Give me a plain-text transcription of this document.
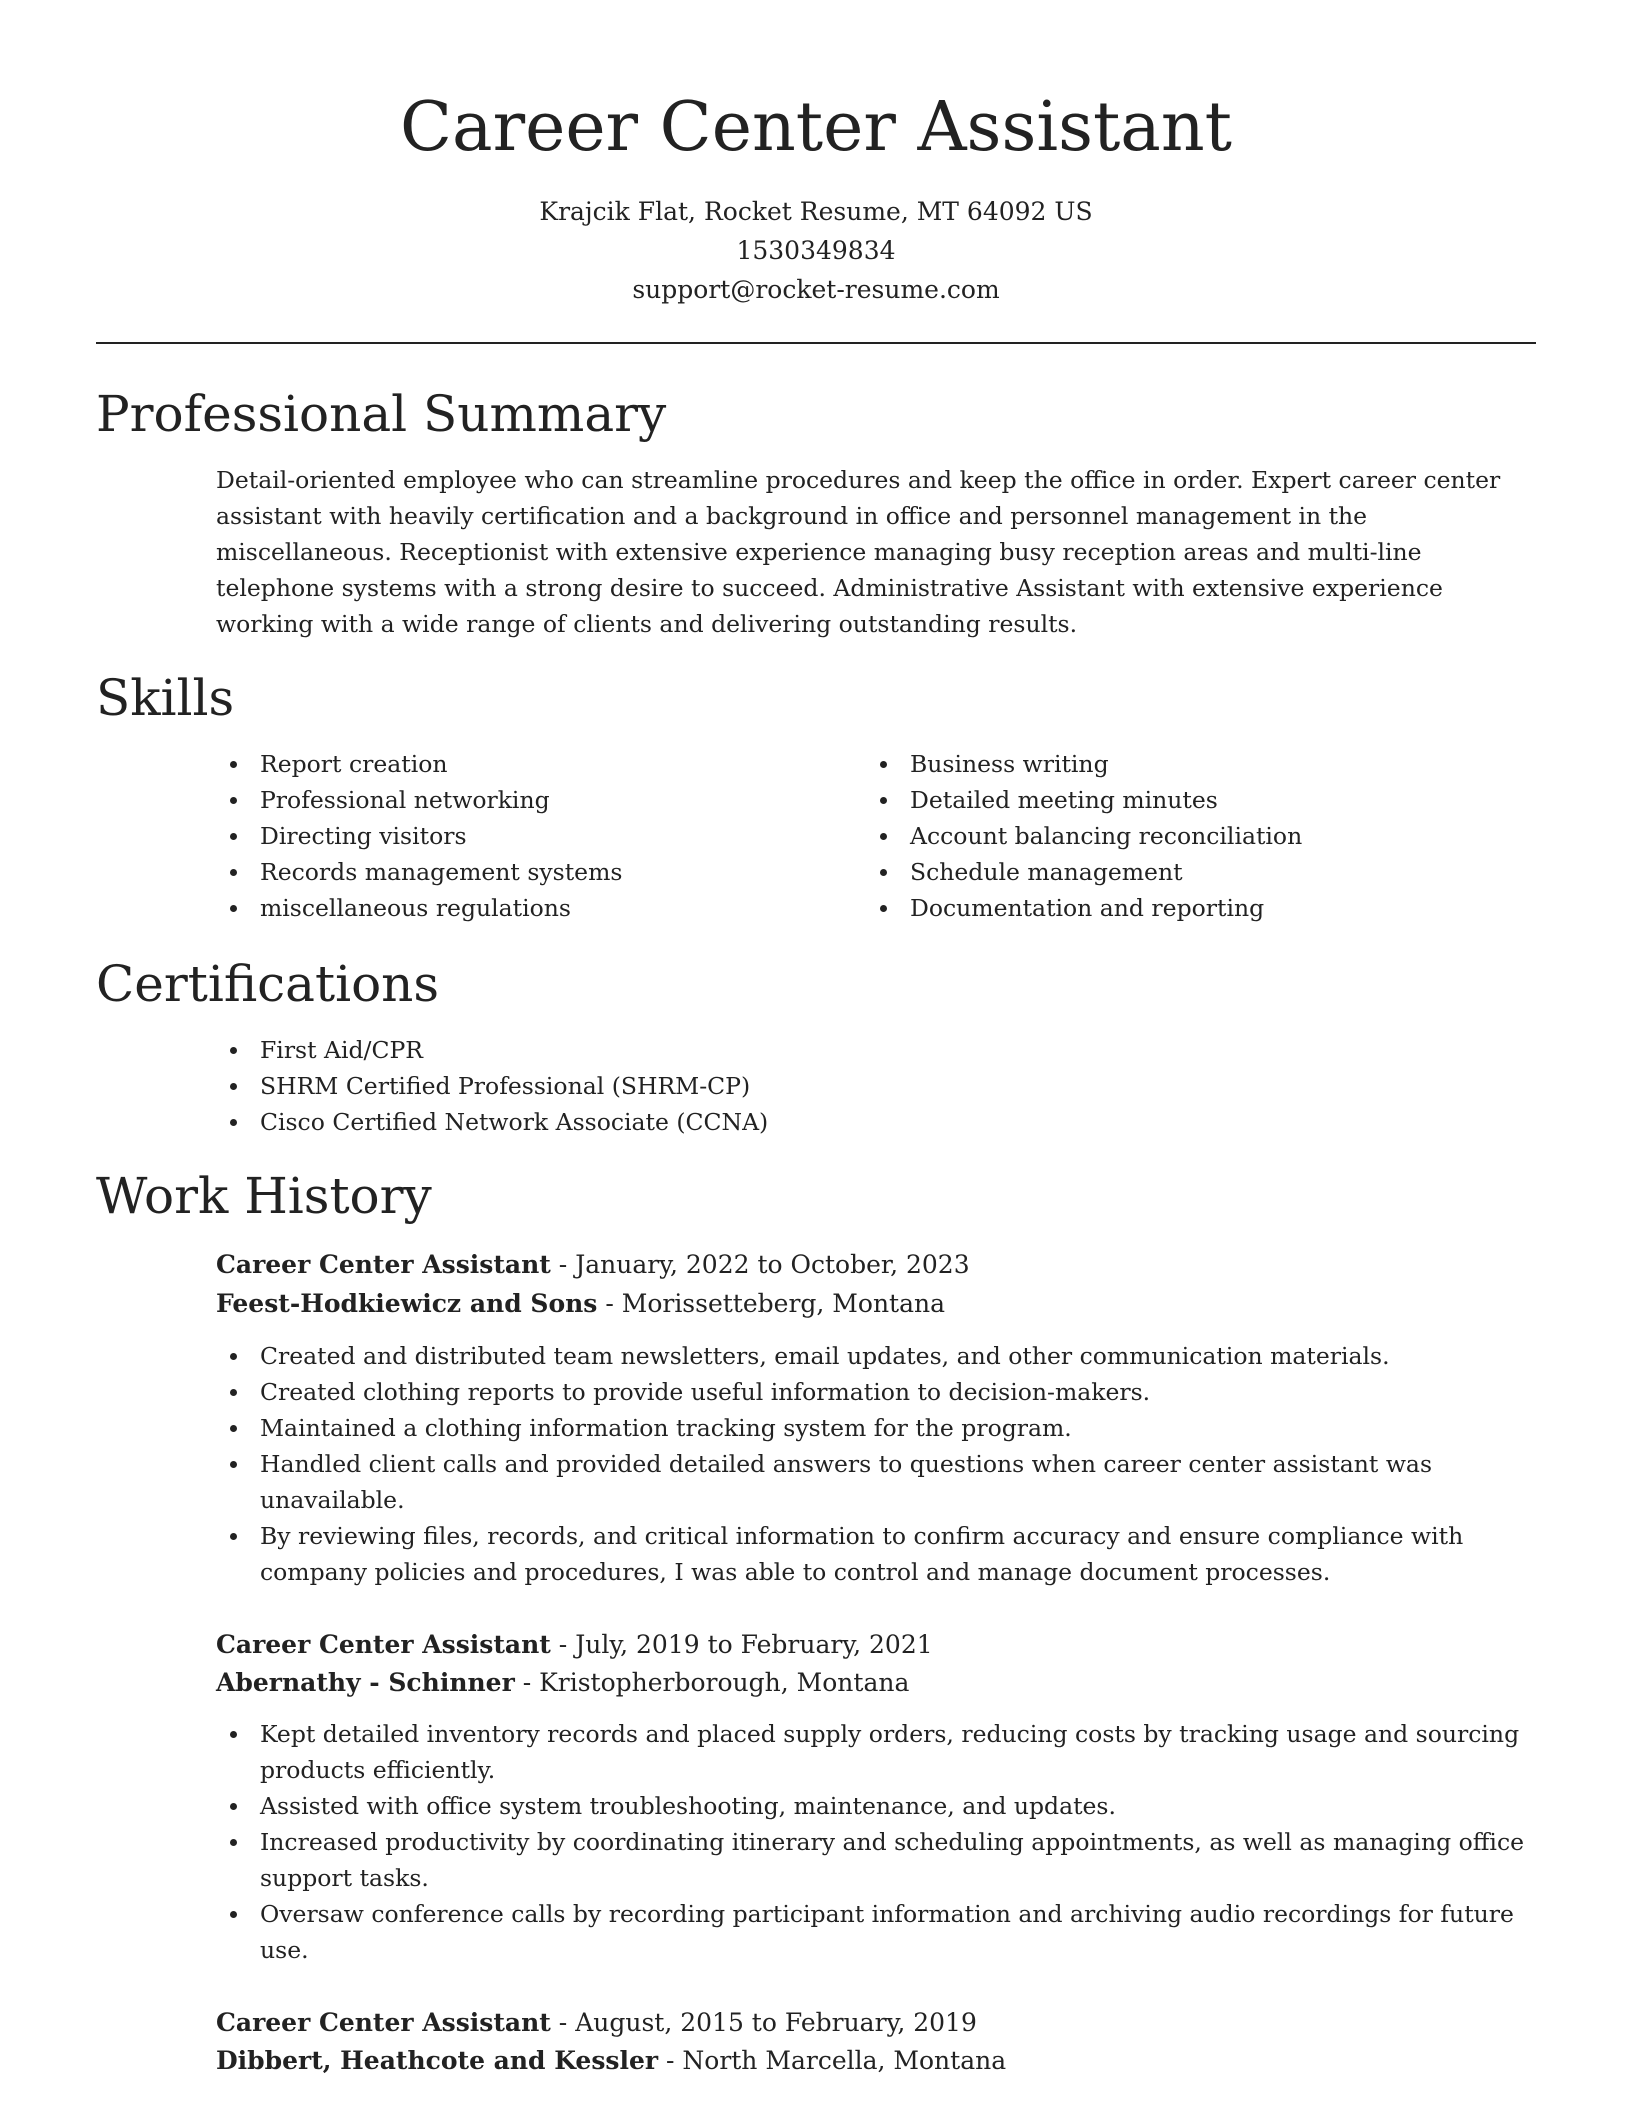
Career Center Assistant
Krajcik Flat, Rocket Resume, MT 64092 US
1530349834
support@rocket-resume.com
Professional Summary

Detail-oriented employee who can streamline procedures and keep the office in order. Expert career center assistant with heavily certification and a background in office and personnel management in the miscellaneous. Receptionist with extensive experience managing busy reception areas and multi-line telephone systems with a strong desire to succeed. Administrative Assistant with extensive experience working with a wide range of clients and delivering outstanding results.

Skills
Report creation
Professional networking
Directing visitors
Records management systems
miscellaneous regulations
Business writing
Detailed meeting minutes
Account balancing reconciliation
Schedule management
Documentation and reporting
Certifications
First Aid/CPR
SHRM Certified Professional (SHRM-CP)
Cisco Certified Network Associate (CCNA)
Work History
Career Center Assistant - January, 2022 to October, 2023
Feest-Hodkiewicz and Sons - Morissetteberg, Montana
Created and distributed team newsletters, email updates, and other communication materials.
Created clothing reports to provide useful information to decision-makers.
Maintained a clothing information tracking system for the program.
Handled client calls and provided detailed answers to questions when career center assistant was unavailable.
By reviewing files, records, and critical information to confirm accuracy and ensure compliance with company policies and procedures, I was able to control and manage document processes.
Career Center Assistant - July, 2019 to February, 2021
Abernathy - Schinner - Kristopherborough, Montana
Kept detailed inventory records and placed supply orders, reducing costs by tracking usage and sourcing products efficiently.
Assisted with office system troubleshooting, maintenance, and updates.
Increased productivity by coordinating itinerary and scheduling appointments, as well as managing office support tasks.
Oversaw conference calls by recording participant information and archiving audio recordings for future use.
Career Center Assistant - August, 2015 to February, 2019
Dibbert, Heathcote and Kessler - North Marcella, Montana
